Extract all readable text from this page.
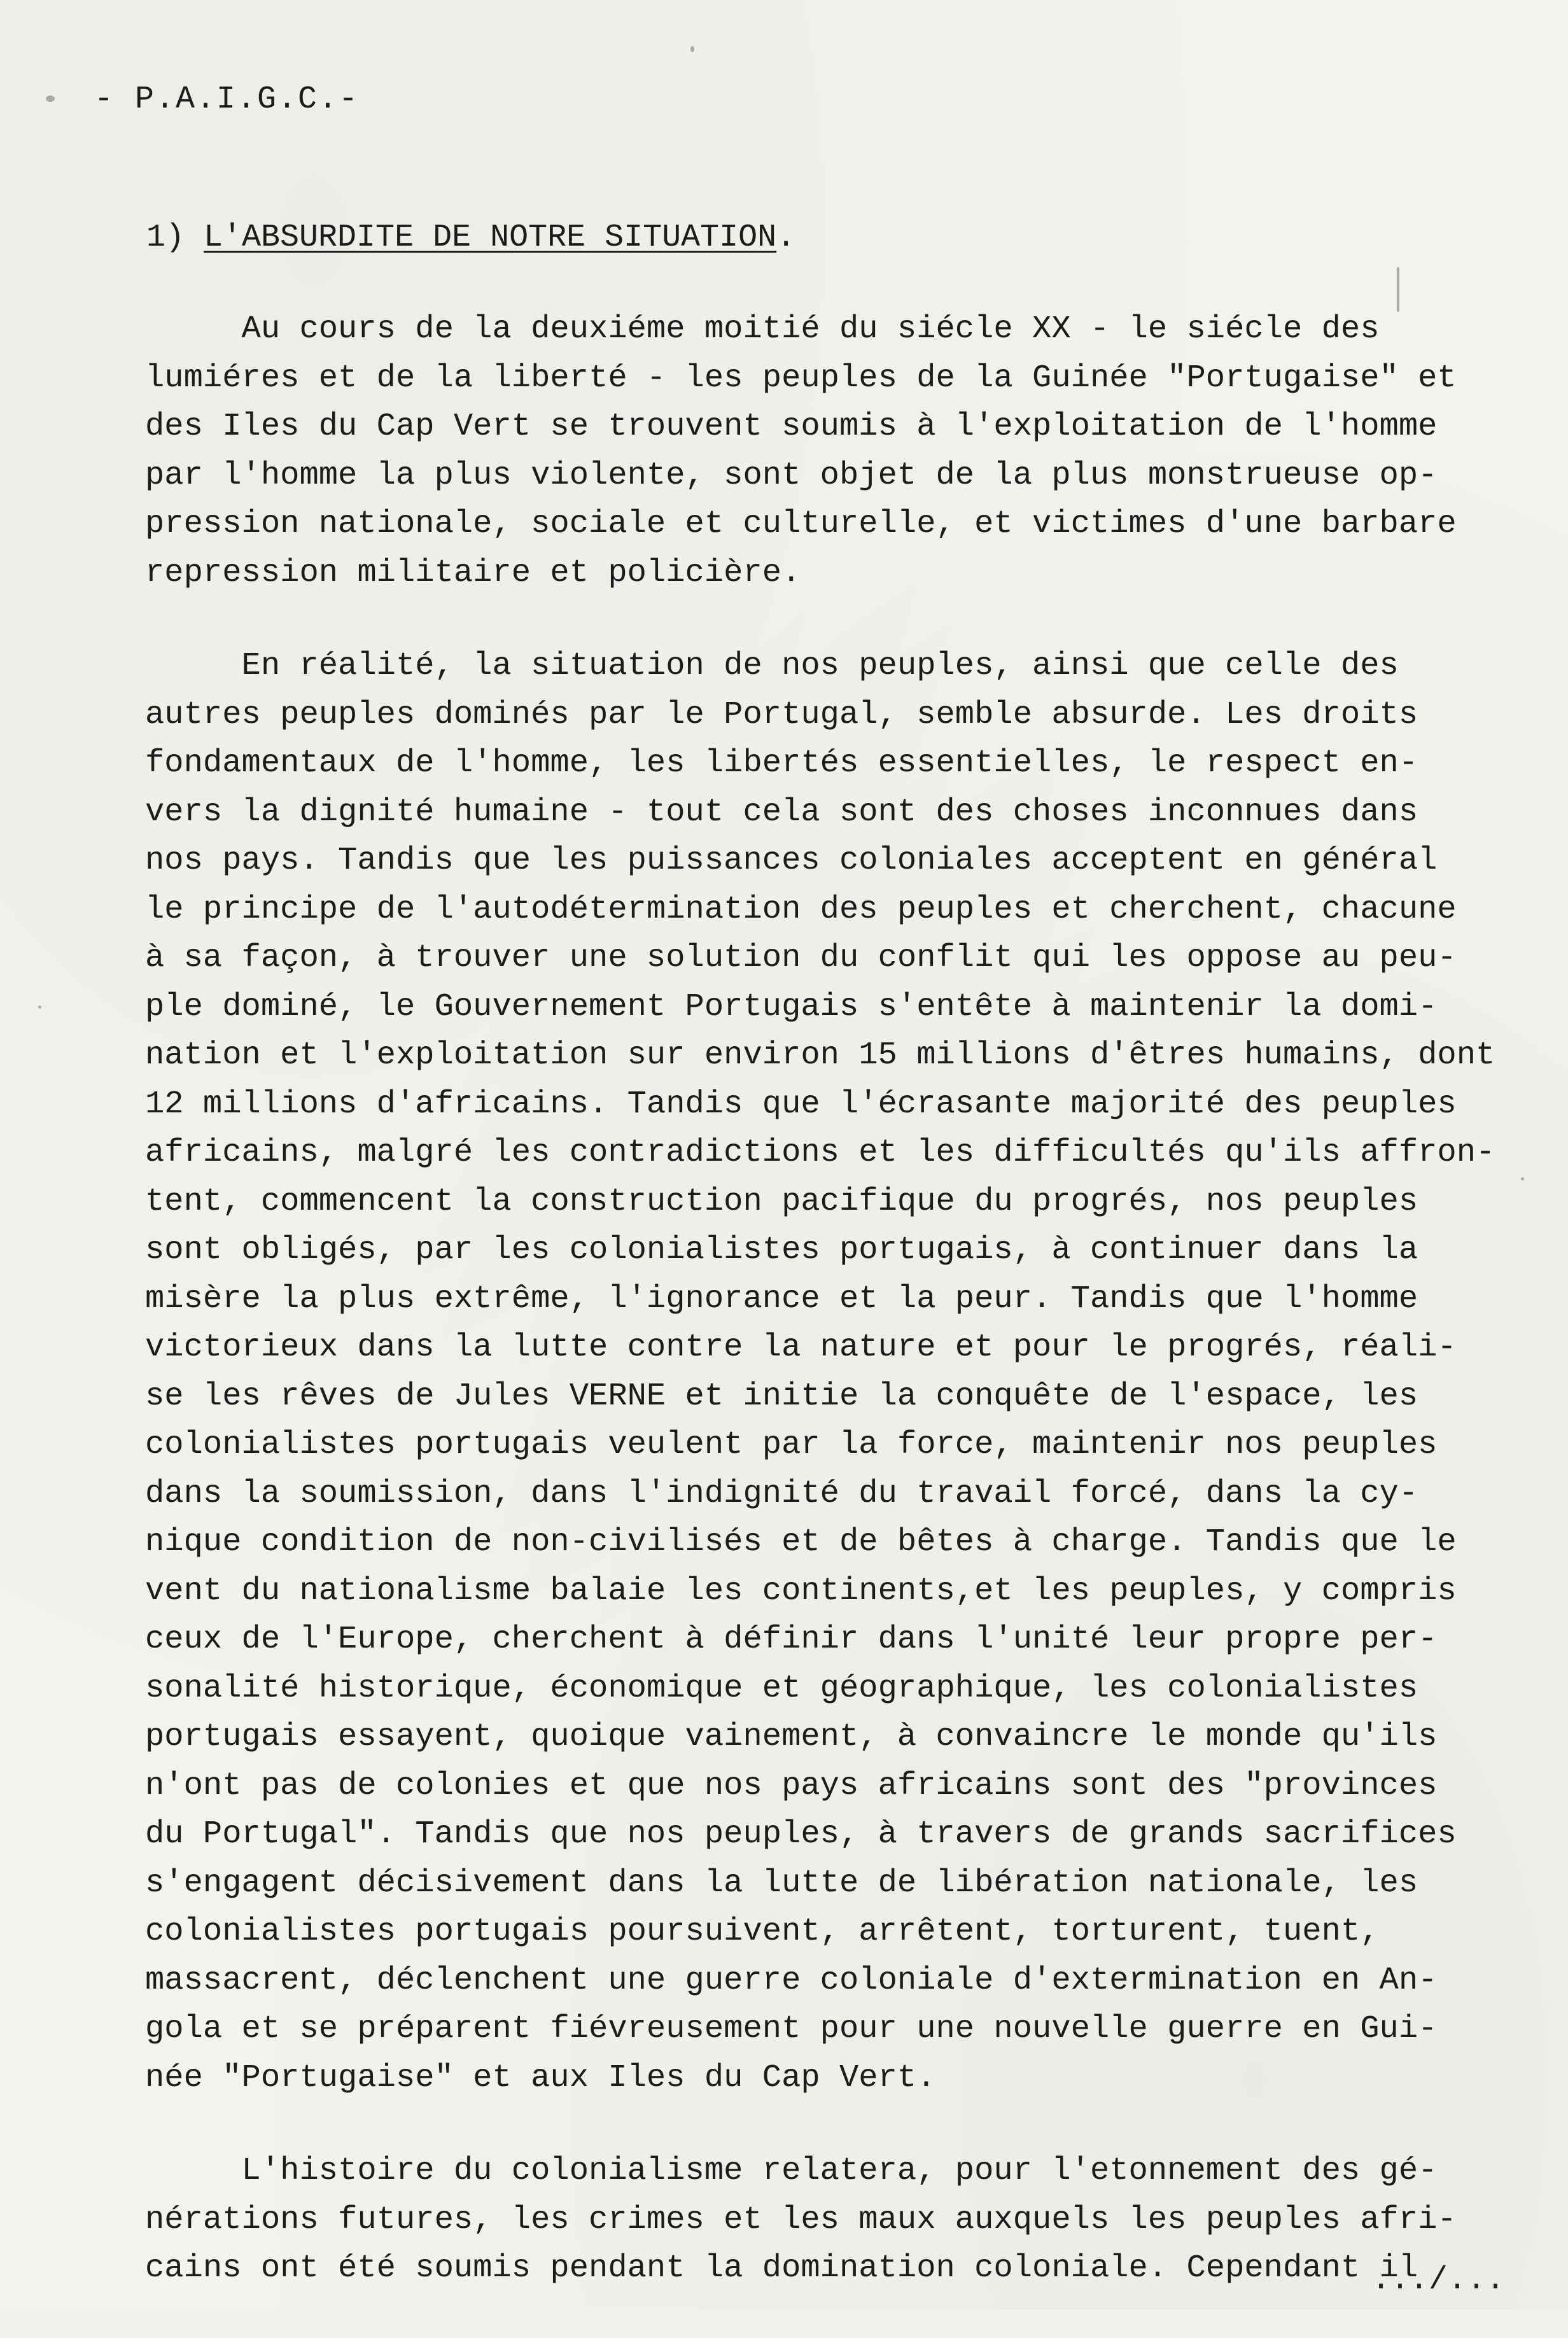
- P.A.I.G.C.-
1) L'ABSURDITE DE NOTRE SITUATION.
Au cours de la deuxiéme moitié du siécle XX - le siécle des
lumiéres et de la liberté - les peuples de la Guinée "Portugaise" et
des Iles du Cap Vert se trouvent soumis à l'exploitation de l'homme
par l'homme la plus violente, sont objet de la plus monstrueuse op-
pression nationale, sociale et culturelle, et victimes d'une barbare
repression militaire et policière.
En réalité, la situation de nos peuples, ainsi que celle des
autres peuples dominés par le Portugal, semble absurde. Les droits
fondamentaux de l'homme, les libertés essentielles, le respect en-
vers la dignité humaine - tout cela sont des choses inconnues dans
nos pays. Tandis que les puissances coloniales acceptent en général
le principe de l'autodétermination des peuples et cherchent, chacune
à sa façon, à trouver une solution du conflit qui les oppose au peu-
ple dominé, le Gouvernement Portugais s'entête à maintenir la domi-
nation et l'exploitation sur environ 15 millions d'êtres humains, dont
12 millions d'africains. Tandis que l'écrasante majorité des peuples
africains, malgré les contradictions et les difficultés qu'ils affron-
tent, commencent la construction pacifique du progrés, nos peuples
sont obligés, par les colonialistes portugais, à continuer dans la
misère la plus extrême, l'ignorance et la peur. Tandis que l'homme
victorieux dans la lutte contre la nature et pour le progrés, réali-
se les rêves de Jules VERNE et initie la conquête de l'espace, les
colonialistes portugais veulent par la force, maintenir nos peuples
dans la soumission, dans l'indignité du travail forcé, dans la cy-
nique condition de non-civilisés et de bêtes à charge. Tandis que le
vent du nationalisme balaie les continents,et les peuples, y compris
ceux de l'Europe, cherchent à définir dans l'unité leur propre per-
sonalité historique, économique et géographique, les colonialistes
portugais essayent, quoique vainement, à convaincre le monde qu'ils
n'ont pas de colonies et que nos pays africains sont des "provinces
du Portugal". Tandis que nos peuples, à travers de grands sacrifices
s'engagent décisivement dans la lutte de libération nationale, les
colonialistes portugais poursuivent, arrêtent, torturent, tuent,
massacrent, déclenchent une guerre coloniale d'extermination en An-
gola et se préparent fiévreusement pour une nouvelle guerre en Gui-
née "Portugaise" et aux Iles du Cap Vert.
L'histoire du colonialisme relatera, pour l'etonnement des gé-
nérations futures, les crimes et les maux auxquels les peuples afri-
cains ont été soumis pendant la domination coloniale. Cependant il
.../...
